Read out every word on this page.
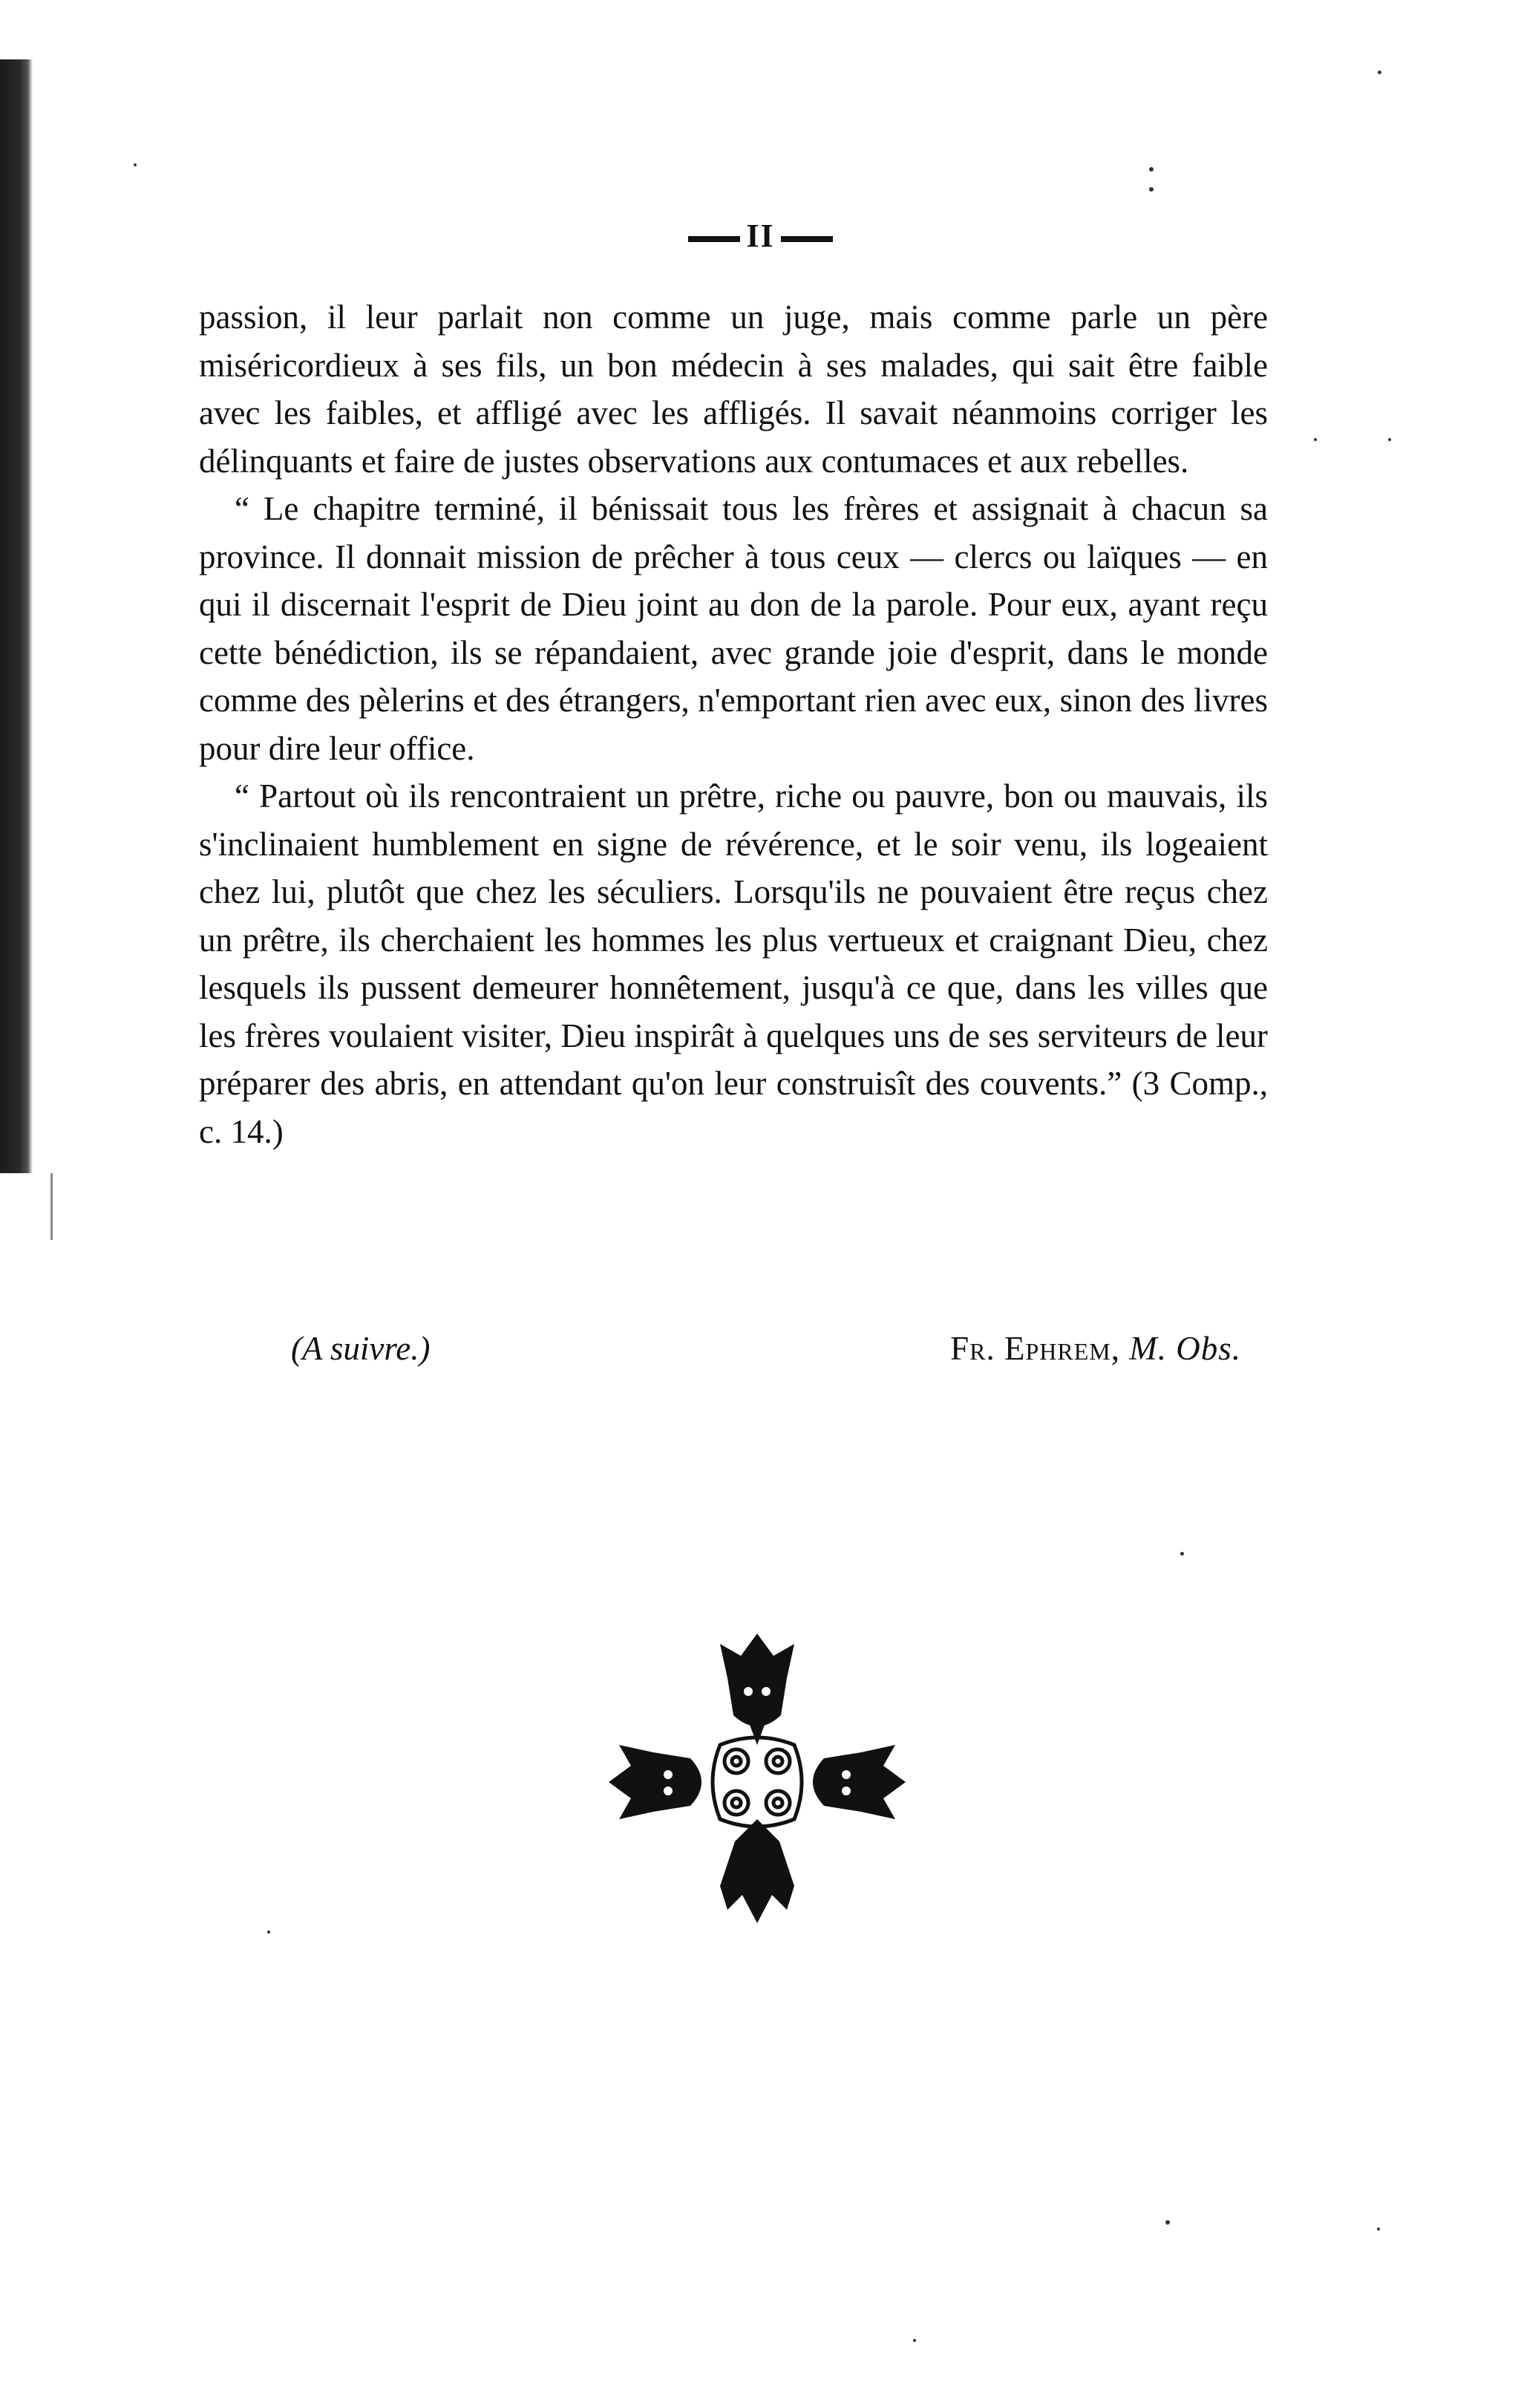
II

passion, il leur parlait non comme un juge, mais comme parle un père miséricordieux à ses fils, un bon médecin à ses malades, qui sait être faible avec les faibles, et affligé avec les affligés. Il savait néanmoins corriger les délinquants et faire de justes observations aux contumaces et aux rebelles.

“ Le chapitre terminé, il bénissait tous les frères et assignait à chacun sa province. Il donnait mission de prêcher à tous ceux — clercs ou laïques — en qui il discernait l'esprit de Dieu joint au don de la parole. Pour eux, ayant reçu cette bénédiction, ils se répandaient, avec grande joie d'esprit, dans le monde comme des pèlerins et des étrangers, n'emportant rien avec eux, sinon des livres pour dire leur office.

“ Partout où ils rencontraient un prêtre, riche ou pauvre, bon ou mauvais, ils s'inclinaient humblement en signe de révérence, et le soir venu, ils logeaient chez lui, plutôt que chez les séculiers. Lorsqu'ils ne pouvaient être reçus chez un prêtre, ils cherchaient les hommes les plus vertueux et craignant Dieu, chez lesquels ils pussent demeurer honnêtement, jusqu'à ce que, dans les villes que les frères voulaient visiter, Dieu inspirât à quelques uns de ses serviteurs de leur préparer des abris, en attendant qu'on leur construisît des couvents.” (3 Comp., c. 14.)

(A suivre.)	Fr. Ephrem, M. Obs.
